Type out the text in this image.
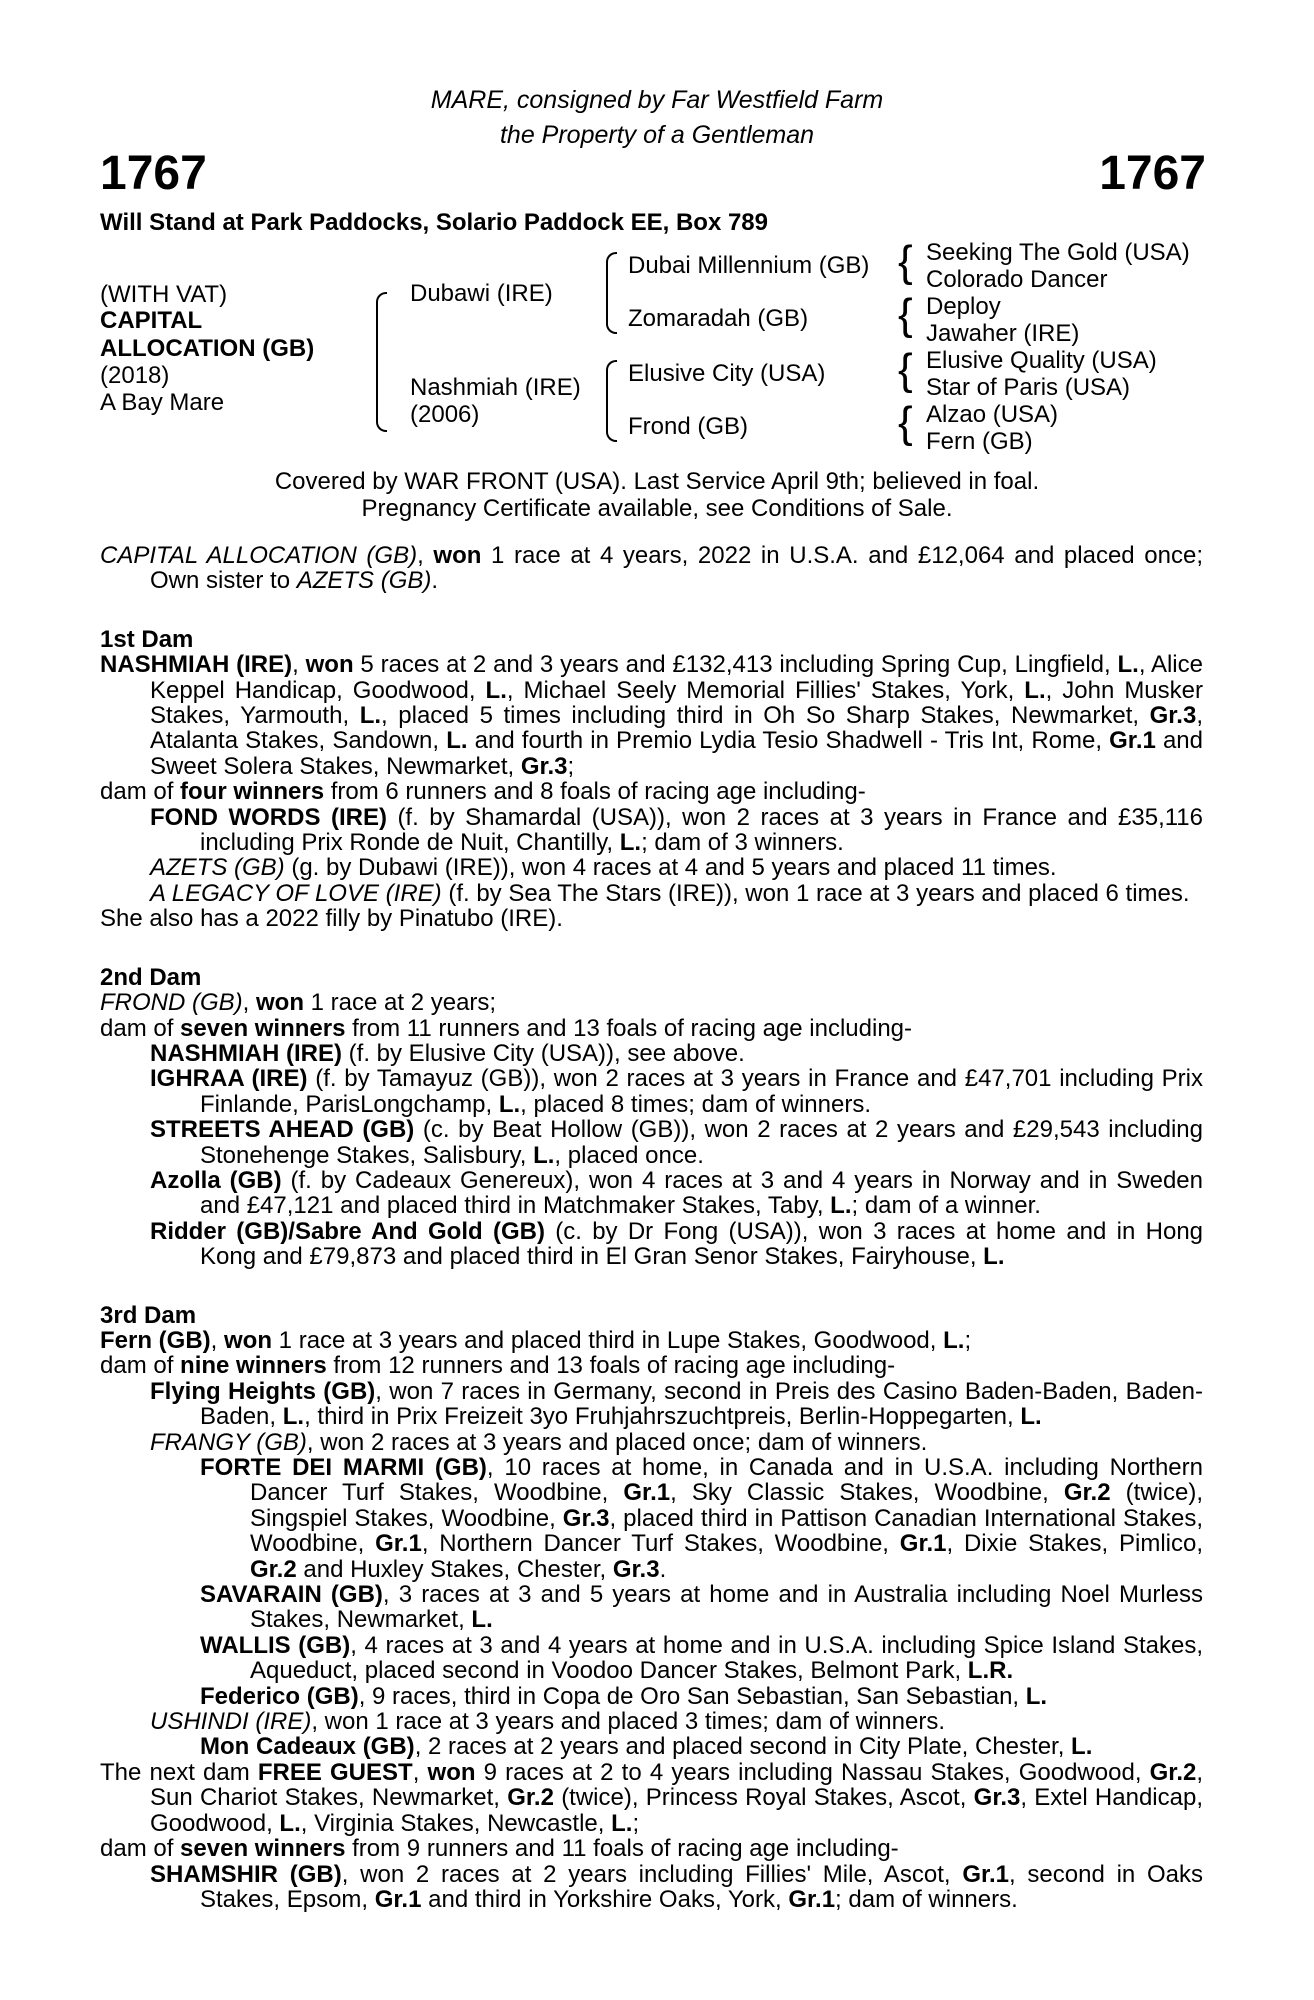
MARE, consigned by Far Westfield Farm
the Property of a Gentleman
1767	1767
Will Stand at Park Paddocks, Solario Paddock EE, Box 789
(WITH VAT)
CAPITAL
ALLOCATION (GB)
(2018)
A Bay Mare
Dubawi (IRE)
Nashmiah (IRE)
(2006)
Dubai Millennium (GB)
Zomaradah (GB)
Elusive City (USA)
Frond (GB)
{
{
{
{
Seeking The Gold (USA)
Colorado Dancer
Deploy
Jawaher (IRE)
Elusive Quality (USA)
Star of Paris (USA)
Alzao (USA)
Fern (GB)
Covered by WAR FRONT (USA). Last Service April 9th; believed in foal.
Pregnancy Certificate available, see Conditions of Sale.

CAPITAL ALLOCATION (GB), won 1 race at 4 years, 2022 in U.S.A. and £12,064 and placed once; Own sister to AZETS (GB).

1st Dam

NASHMIAH (IRE), won 5 races at 2 and 3 years and £132,413 including Spring Cup, Lingfield, L., Alice Keppel Handicap, Goodwood, L., Michael Seely Memorial Fillies' Stakes, York, L., John Musker Stakes, Yarmouth, L., placed 5 times including third in Oh So Sharp Stakes, Newmarket, Gr.3, Atalanta Stakes, Sandown, L. and fourth in Premio Lydia Tesio Shadwell - Tris Int, Rome, Gr.1 and Sweet Solera Stakes, Newmarket, Gr.3;

dam of four winners from 6 runners and 8 foals of racing age including-

FOND WORDS (IRE) (f. by Shamardal (USA)), won 2 races at 3 years in France and £35,116 including Prix Ronde de Nuit, Chantilly, L.; dam of 3 winners.

AZETS (GB) (g. by Dubawi (IRE)), won 4 races at 4 and 5 years and placed 11 times.

A LEGACY OF LOVE (IRE) (f. by Sea The Stars (IRE)), won 1 race at 3 years and placed 6 times.

She also has a 2022 filly by Pinatubo (IRE).

2nd Dam

FROND (GB), won 1 race at 2 years;

dam of seven winners from 11 runners and 13 foals of racing age including-

NASHMIAH (IRE) (f. by Elusive City (USA)), see above.

IGHRAA (IRE) (f. by Tamayuz (GB)), won 2 races at 3 years in France and £47,701 including Prix Finlande, ParisLongchamp, L., placed 8 times; dam of winners.

STREETS AHEAD (GB) (c. by Beat Hollow (GB)), won 2 races at 2 years and £29,543 including Stonehenge Stakes, Salisbury, L., placed once.

Azolla (GB) (f. by Cadeaux Genereux), won 4 races at 3 and 4 years in Norway and in Sweden and £47,121 and placed third in Matchmaker Stakes, Taby, L.; dam of a winner.

Ridder (GB)/Sabre And Gold (GB) (c. by Dr Fong (USA)), won 3 races at home and in Hong Kong and £79,873 and placed third in El Gran Senor Stakes, Fairyhouse, L.

3rd Dam

Fern (GB), won 1 race at 3 years and placed third in Lupe Stakes, Goodwood, L.;

dam of nine winners from 12 runners and 13 foals of racing age including-

Flying Heights (GB), won 7 races in Germany, second in Preis des Casino Baden-Baden, Baden-Baden, L., third in Prix Freizeit 3yo Fruhjahrszuchtpreis, Berlin-Hoppegarten, L.

FRANGY (GB), won 2 races at 3 years and placed once; dam of winners.

FORTE DEI MARMI (GB), 10 races at home, in Canada and in U.S.A. including Northern Dancer Turf Stakes, Woodbine, Gr.1, Sky Classic Stakes, Woodbine, Gr.2 (twice), Singspiel Stakes, Woodbine, Gr.3, placed third in Pattison Canadian International Stakes, Woodbine, Gr.1, Northern Dancer Turf Stakes, Woodbine, Gr.1, Dixie Stakes, Pimlico, Gr.2 and Huxley Stakes, Chester, Gr.3.

SAVARAIN (GB), 3 races at 3 and 5 years at home and in Australia including Noel Murless Stakes, Newmarket, L.

WALLIS (GB), 4 races at 3 and 4 years at home and in U.S.A. including Spice Island Stakes, Aqueduct, placed second in Voodoo Dancer Stakes, Belmont Park, L.R.

Federico (GB), 9 races, third in Copa de Oro San Sebastian, San Sebastian, L.

USHINDI (IRE), won 1 race at 3 years and placed 3 times; dam of winners.

Mon Cadeaux (GB), 2 races at 2 years and placed second in City Plate, Chester, L.

The next dam FREE GUEST, won 9 races at 2 to 4 years including Nassau Stakes, Goodwood, Gr.2, Sun Chariot Stakes, Newmarket, Gr.2 (twice), Princess Royal Stakes, Ascot, Gr.3, Extel Handicap, Goodwood, L., Virginia Stakes, Newcastle, L.;

dam of seven winners from 9 runners and 11 foals of racing age including-

SHAMSHIR (GB), won 2 races at 2 years including Fillies' Mile, Ascot, Gr.1, second in Oaks Stakes, Epsom, Gr.1 and third in Yorkshire Oaks, York, Gr.1; dam of winners.
